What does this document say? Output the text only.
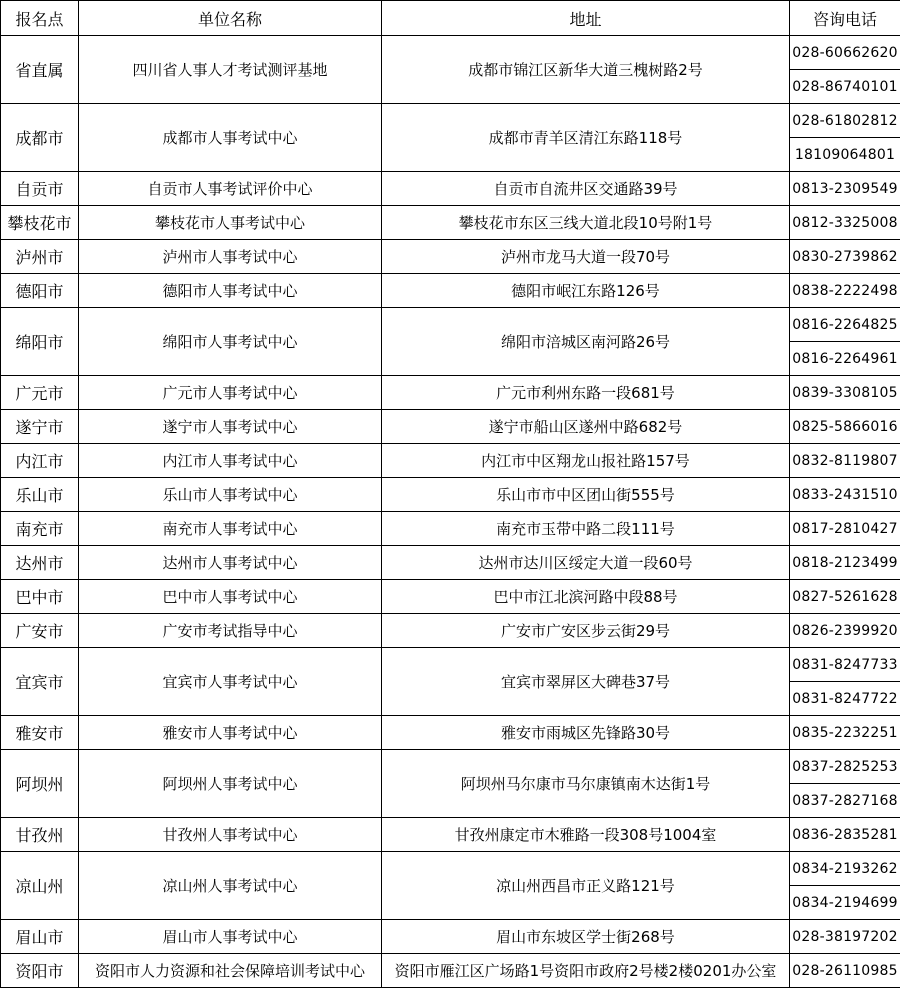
报名点	单位名称	地址	咨询电话
省直属	四川省人事人才考试测评基地	成都市锦江区新华大道三槐树路2号	028-60662620
			028-86740101
成都市	成都市人事考试中心	成都市青羊区清江东路118号	028-61802812
			18109064801
自贡市	自贡市人事考试评价中心	自贡市自流井区交通路39号	0813-2309549
攀枝花市	攀枝花市人事考试中心	攀枝花市东区三线大道北段10号附1号	0812-3325008
泸州市	泸州市人事考试中心	泸州市龙马大道一段70号	0830-2739862
德阳市	德阳市人事考试中心	德阳市岷江东路126号	0838-2222498
绵阳市	绵阳市人事考试中心	绵阳市涪城区南河路26号	0816-2264825
			0816-2264961
广元市	广元市人事考试中心	广元市利州东路一段681号	0839-3308105
遂宁市	遂宁市人事考试中心	遂宁市船山区遂州中路682号	0825-5866016
内江市	内江市人事考试中心	内江市中区翔龙山报社路157号	0832-8119807
乐山市	乐山市人事考试中心	乐山市市中区团山街555号	0833-2431510
南充市	南充市人事考试中心	南充市玉带中路二段111号	0817-2810427
达州市	达州市人事考试中心	达州市达川区绥定大道一段60号	0818-2123499
巴中市	巴中市人事考试中心	巴中市江北滨河路中段88号	0827-5261628
广安市	广安市考试指导中心	广安市广安区步云街29号	0826-2399920
宜宾市	宜宾市人事考试中心	宜宾市翠屏区大碑巷37号	0831-8247733
			0831-8247722
雅安市	雅安市人事考试中心	雅安市雨城区先锋路30号	0835-2232251
阿坝州	阿坝州人事考试中心	阿坝州马尔康市马尔康镇南木达街1号	0837-2825253
			0837-2827168
甘孜州	甘孜州人事考试中心	甘孜州康定市木雅路一段308号1004室	0836-2835281
凉山州	凉山州人事考试中心	凉山州西昌市正义路121号	0834-2193262
			0834-2194699
眉山市	眉山市人事考试中心	眉山市东坡区学士街268号	028-38197202
资阳市	资阳市人力资源和社会保障培训考试中心	资阳市雁江区广场路1号资阳市政府2号楼2楼0201办公室	028-26110985
